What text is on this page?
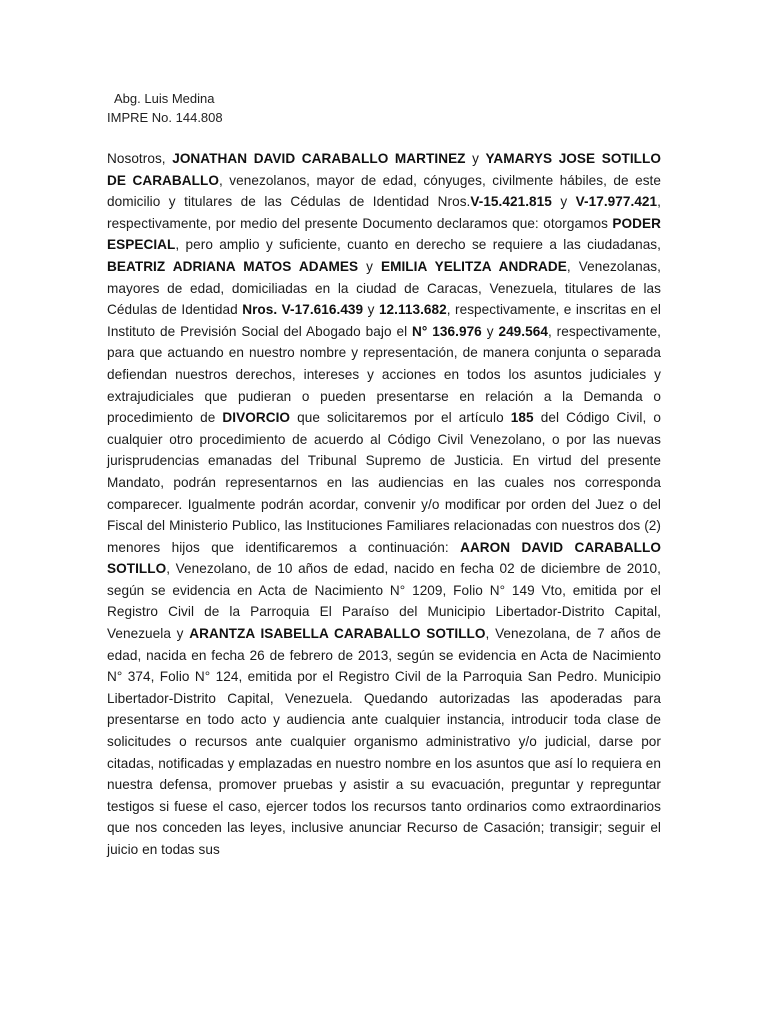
Abg. Luis Medina
IMPRE No. 144.808
Nosotros, JONATHAN DAVID CARABALLO MARTINEZ y YAMARYS JOSE SOTILLO DE CARABALLO, venezolanos, mayor de edad, cónyuges, civilmente hábiles, de este domicilio y titulares de las Cédulas de Identidad Nros.V-15.421.815 y V-17.977.421, respectivamente, por medio del presente Documento declaramos que: otorgamos PODER ESPECIAL, pero amplio y suficiente, cuanto en derecho se requiere a las ciudadanas, BEATRIZ ADRIANA MATOS ADAMES y EMILIA YELITZA ANDRADE, Venezolanas, mayores de edad, domiciliadas en la ciudad de Caracas, Venezuela, titulares de las Cédulas de Identidad Nros. V-17.616.439 y 12.113.682, respectivamente, e inscritas en el Instituto de Previsión Social del Abogado bajo el N° 136.976 y 249.564, respectivamente, para que actuando en nuestro nombre y representación, de manera conjunta o separada defiendan nuestros derechos, intereses y acciones en todos los asuntos judiciales y extrajudiciales que pudieran o pueden presentarse en relación a la Demanda o procedimiento de DIVORCIO que solicitaremos por el artículo 185 del Código Civil, o cualquier otro procedimiento de acuerdo al Código Civil Venezolano, o por las nuevas jurisprudencias emanadas del Tribunal Supremo de Justicia. En virtud del presente Mandato, podrán representarnos en las audiencias en las cuales nos corresponda comparecer. Igualmente podrán acordar, convenir y/o modificar por orden del Juez o del Fiscal del Ministerio Publico, las Instituciones Familiares relacionadas con nuestros dos (2) menores hijos que identificaremos a continuación: AARON DAVID CARABALLO SOTILLO, Venezolano, de 10 años de edad, nacido en fecha 02 de diciembre de 2010, según se evidencia en Acta de Nacimiento N° 1209, Folio N° 149 Vto, emitida por el Registro Civil de la Parroquia El Paraíso del Municipio Libertador-Distrito Capital, Venezuela y ARANTZA ISABELLA CARABALLO SOTILLO, Venezolana, de 7 años de edad, nacida en fecha 26 de febrero de 2013, según se evidencia en Acta de Nacimiento N° 374, Folio N° 124, emitida por el Registro Civil de la Parroquia San Pedro. Municipio Libertador-Distrito Capital, Venezuela. Quedando autorizadas las apoderadas para presentarse en todo acto y audiencia ante cualquier instancia, introducir toda clase de solicitudes o recursos ante cualquier organismo administrativo y/o judicial, darse por citadas, notificadas y emplazadas en nuestro nombre en los asuntos que así lo requiera en nuestra defensa, promover pruebas y asistir a su evacuación, preguntar y repreguntar testigos si fuese el caso, ejercer todos los recursos tanto ordinarios como extraordinarios que nos conceden las leyes, inclusive anunciar Recurso de Casación; transigir; seguir el juicio en todas sus
